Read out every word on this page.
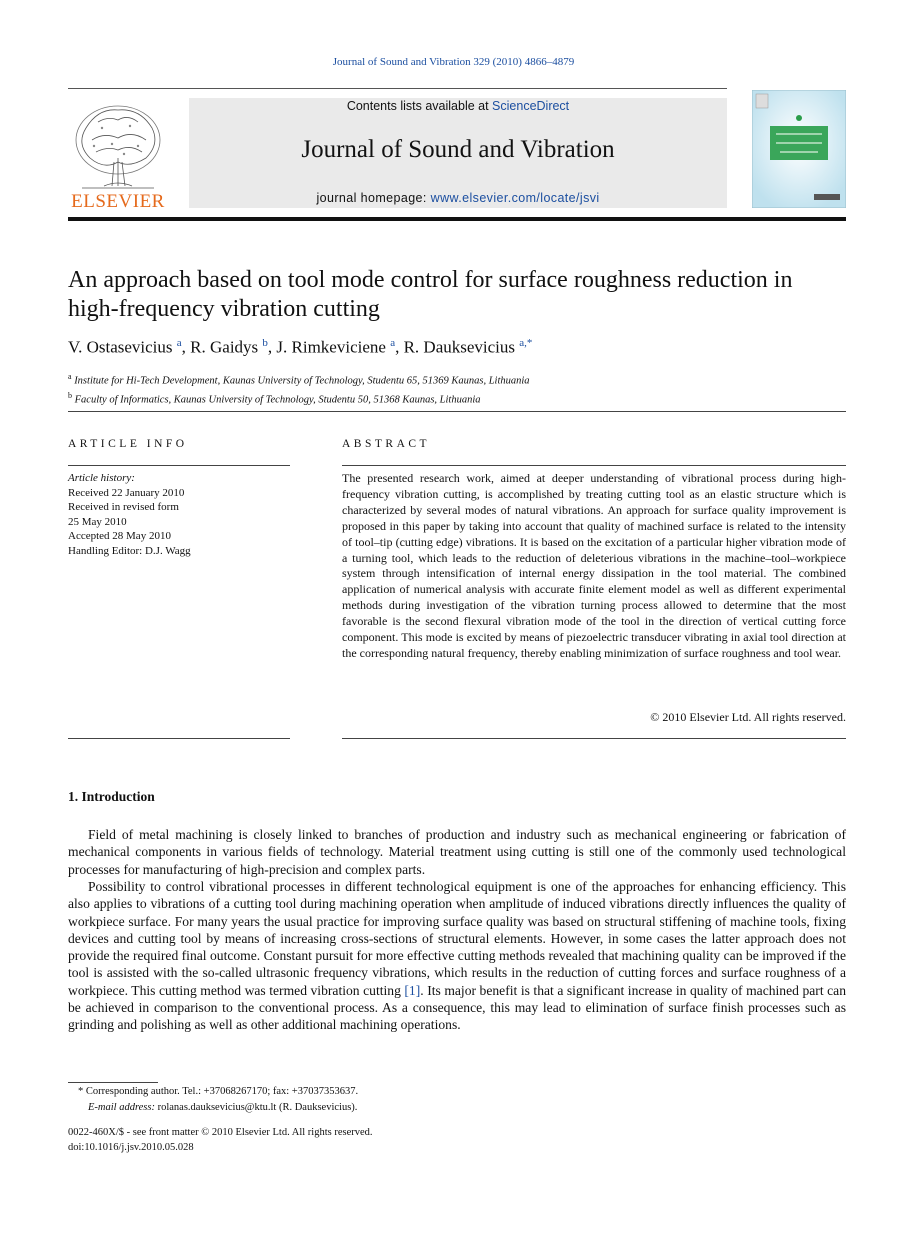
Journal of Sound and Vibration 329 (2010) 4866–4879
ELSEVIER
Contents lists available at ScienceDirect
Journal of Sound and Vibration
journal homepage: www.elsevier.com/locate/jsvi
An approach based on tool mode control for surface roughness reduction in high-frequency vibration cutting
V. Ostasevicius $^a$, R. Gaidys $^b$, J. Rimkeviciene $^a$, R. Dauksevicius $^{a,*}$
$^a$ Institute for Hi-Tech Development, Kaunas University of Technology, Studentu 65, 51369 Kaunas, Lithuania
$^b$ Faculty of Informatics, Kaunas University of Technology, Studentu 50, 51368 Kaunas, Lithuania
ARTICLE INFO	ABSTRACT
Article history:
Received 22 January 2010
Received in revised form
25 May 2010
Accepted 28 May 2010
Handling Editor: D.J. Wagg
The presented research work, aimed at deeper understanding of vibrational process during high-frequency vibration cutting, is accomplished by treating cutting tool as an elastic structure which is characterized by several modes of natural vibrations. An approach for surface quality improvement is proposed in this paper by taking into account that quality of machined surface is related to the intensity of tool–tip (cutting edge) vibrations. It is based on the excitation of a particular higher vibration mode of a turning tool, which leads to the reduction of deleterious vibrations in the machine–tool–workpiece system through intensification of internal energy dissipation in the tool material. The combined application of numerical analysis with accurate finite element model as well as different experimental methods during investigation of the vibration turning process allowed to determine that the most favorable is the second flexural vibration mode of the tool in the direction of vertical cutting force component. This mode is excited by means of piezoelectric transducer vibrating in axial tool direction at the corresponding natural frequency, thereby enabling minimization of surface roughness and tool wear.
© 2010 Elsevier Ltd. All rights reserved.
1. Introduction
Field of metal machining is closely linked to branches of production and industry such as mechanical engineering or fabrication of mechanical components in various fields of technology. Material treatment using cutting is still one of the commonly used technological processes for manufacturing of high-precision and complex parts.
Possibility to control vibrational processes in different technological equipment is one of the approaches for enhancing efficiency. This also applies to vibrations of a cutting tool during machining operation when amplitude of induced vibrations directly influences the quality of workpiece surface. For many years the usual practice for improving surface quality was based on structural stiffening of machine tools, fixing devices and cutting tool by means of increasing cross-sections of structural elements. However, in some cases the latter approach does not provide the required final outcome. Constant pursuit for more effective cutting methods revealed that machining quality can be improved if the tool is assisted with the so-called ultrasonic frequency vibrations, which results in the reduction of cutting forces and surface roughness of a workpiece. This cutting method was termed vibration cutting [1]. Its major benefit is that a significant increase in quality of machined part can be achieved in comparison to the conventional process. As a consequence, this may lead to elimination of surface finish processes such as grinding and polishing as well as other additional machining operations.
* Corresponding author. Tel.: +37068267170; fax: +37037353637.
E-mail address: rolanas.dauksevicius@ktu.lt (R. Dauksevicius).
0022-460X/$ - see front matter © 2010 Elsevier Ltd. All rights reserved.
doi:10.1016/j.jsv.2010.05.028
